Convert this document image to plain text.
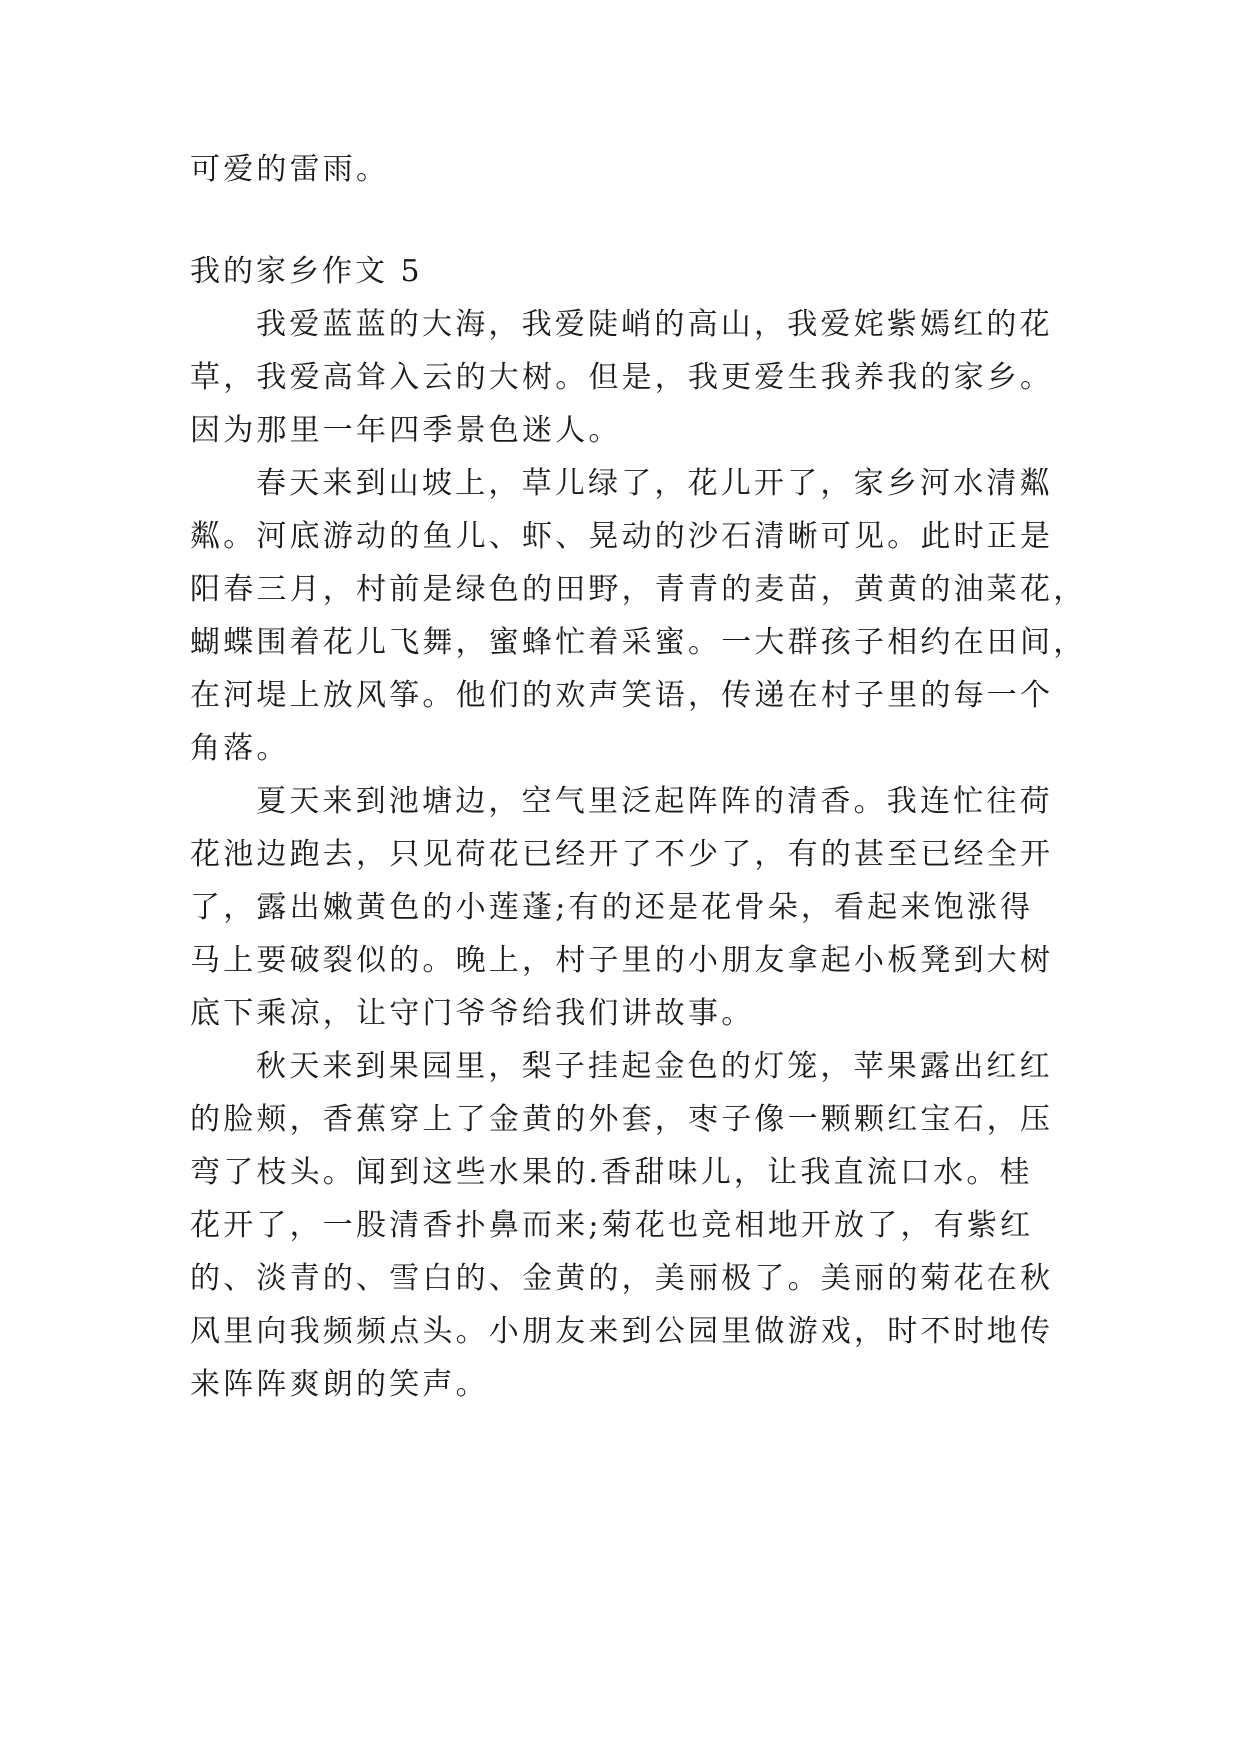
可爱的雷雨。
我的家乡作文 5
我爱蓝蓝的大海，我爱陡峭的高山，我爱姹紫嫣红的花
草，我爱高耸入云的大树。但是，我更爱生我养我的家乡。
因为那里一年四季景色迷人。
春天来到山坡上，草儿绿了，花儿开了，家乡河水清粼
粼。河底游动的鱼儿、虾、晃动的沙石清晰可见。此时正是
阳春三月，村前是绿色的田野，青青的麦苗，黄黄的油菜花，
蝴蝶围着花儿飞舞，蜜蜂忙着采蜜。一大群孩子相约在田间，
在河堤上放风筝。他们的欢声笑语，传递在村子里的每一个
角落。
夏天来到池塘边，空气里泛起阵阵的清香。我连忙往荷
花池边跑去，只见荷花已经开了不少了，有的甚至已经全开
了，露出嫩黄色的小莲蓬;有的还是花骨朵，看起来饱涨得
马上要破裂似的。晚上，村子里的小朋友拿起小板凳到大树
底下乘凉，让守门爷爷给我们讲故事。
秋天来到果园里，梨子挂起金色的灯笼，苹果露出红红
的脸颊，香蕉穿上了金黄的外套，枣子像一颗颗红宝石，压
弯了枝头。闻到这些水果的.香甜味儿，让我直流口水。桂
花开了，一股清香扑鼻而来;菊花也竞相地开放了，有紫红
的、淡青的、雪白的、金黄的，美丽极了。美丽的菊花在秋
风里向我频频点头。小朋友来到公园里做游戏，时不时地传
来阵阵爽朗的笑声。
